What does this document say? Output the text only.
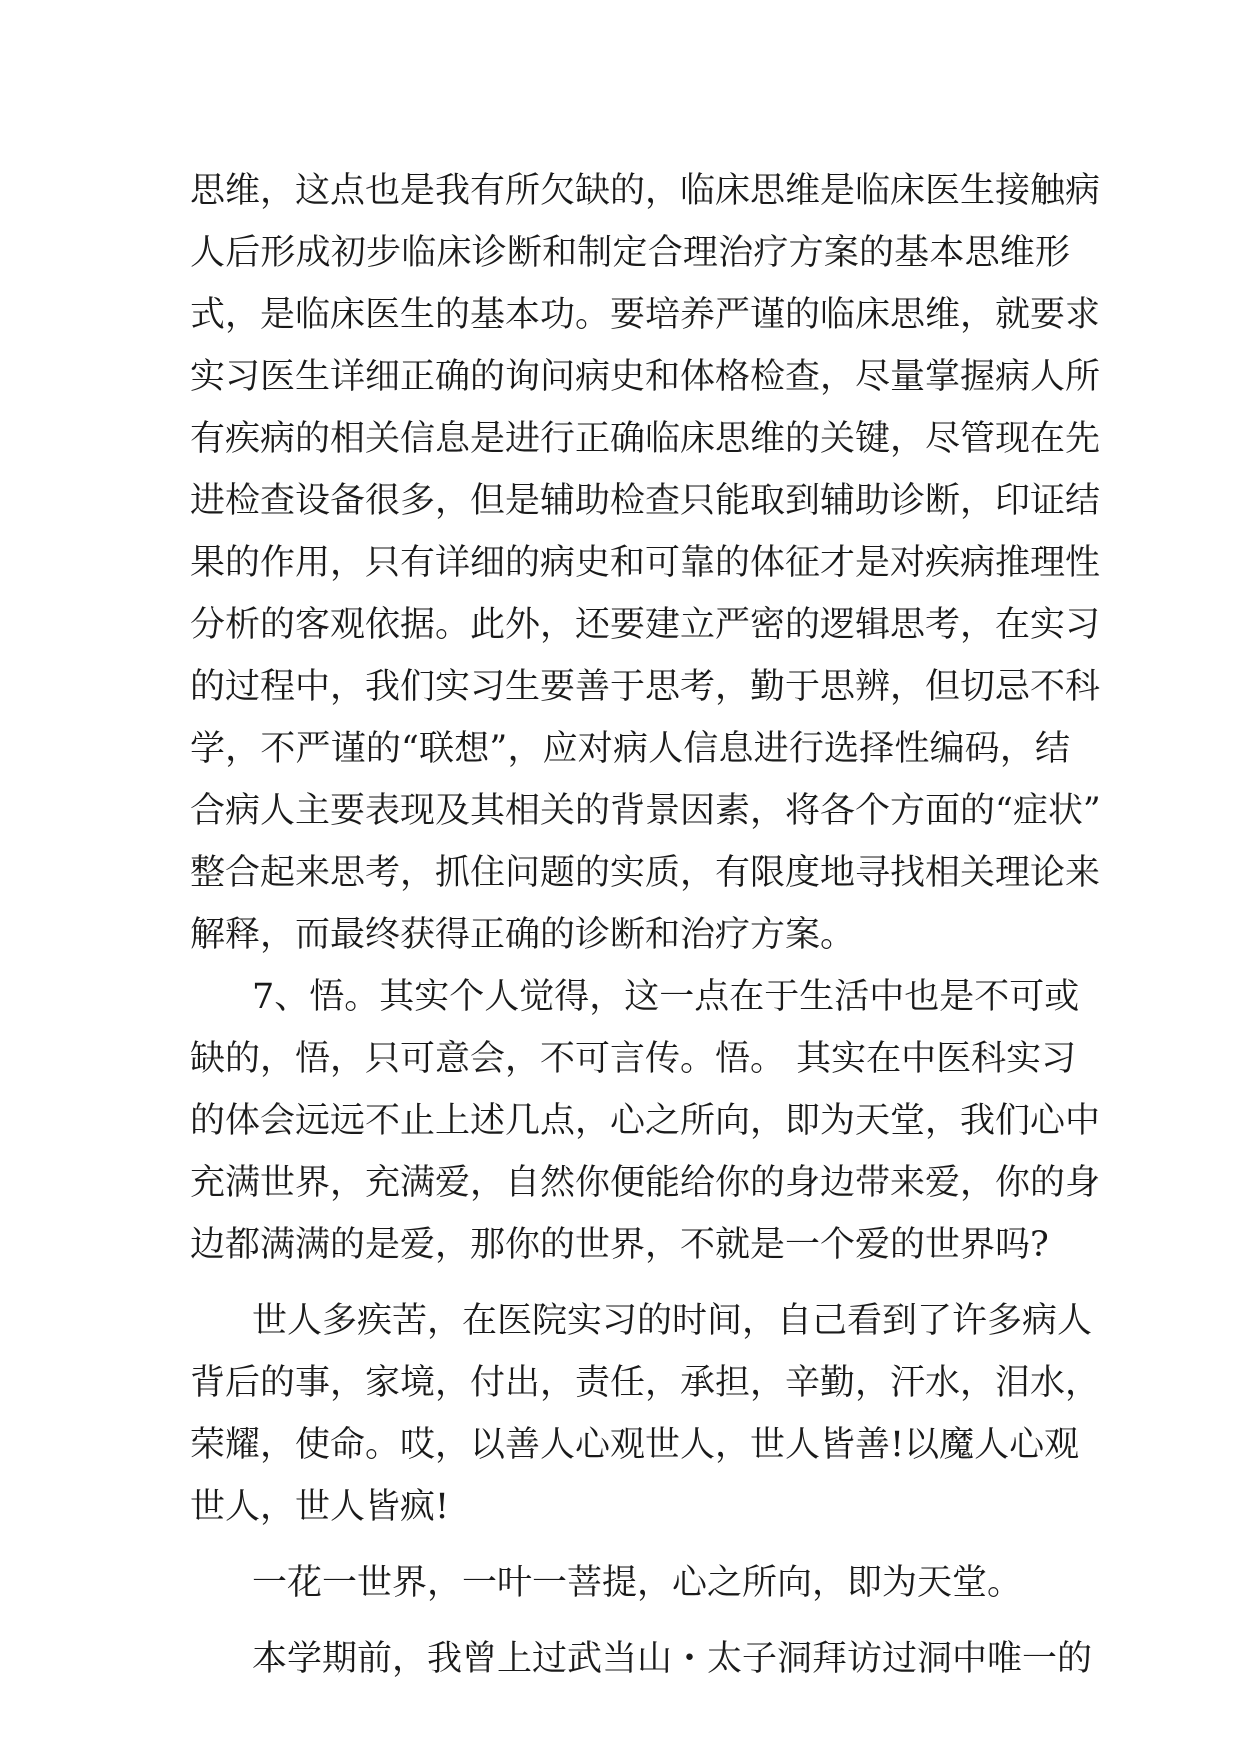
思维，这点也是我有所欠缺的，临床思维是临床医生接触病
人后形成初步临床诊断和制定合理治疗方案的基本思维形
式，是临床医生的基本功。要培养严谨的临床思维，就要求
实习医生详细正确的询问病史和体格检查，尽量掌握病人所
有疾病的相关信息是进行正确临床思维的关键，尽管现在先
进检查设备很多，但是辅助检查只能取到辅助诊断，印证结
果的作用，只有详细的病史和可靠的体征才是对疾病推理性
分析的客观依据。此外，还要建立严密的逻辑思考，在实习
的过程中，我们实习生要善于思考，勤于思辨，但切忌不科
学，不严谨的“联想”，应对病人信息进行选择性编码，结
合病人主要表现及其相关的背景因素，将各个方面的“症状”
整合起来思考，抓住问题的实质，有限度地寻找相关理论来
解释，而最终获得正确的诊断和治疗方案。
7、悟。其实个人觉得，这一点在于生活中也是不可或
缺的，悟，只可意会，不可言传。悟。 其实在中医科实习
的体会远远不止上述几点，心之所向，即为天堂，我们心中
充满世界，充满爱，自然你便能给你的身边带来爱，你的身
边都满满的是爱，那你的世界，不就是一个爱的世界吗?
世人多疾苦，在医院实习的时间，自己看到了许多病人
背后的事，家境，付出，责任，承担，辛勤，汗水，泪水，
荣耀，使命。哎，以善人心观世人，世人皆善!以魔人心观
世人，世人皆疯!
一花一世界，一叶一菩提，心之所向，即为天堂。
本学期前，我曾上过武当山・太子洞拜访过洞中唯一的
